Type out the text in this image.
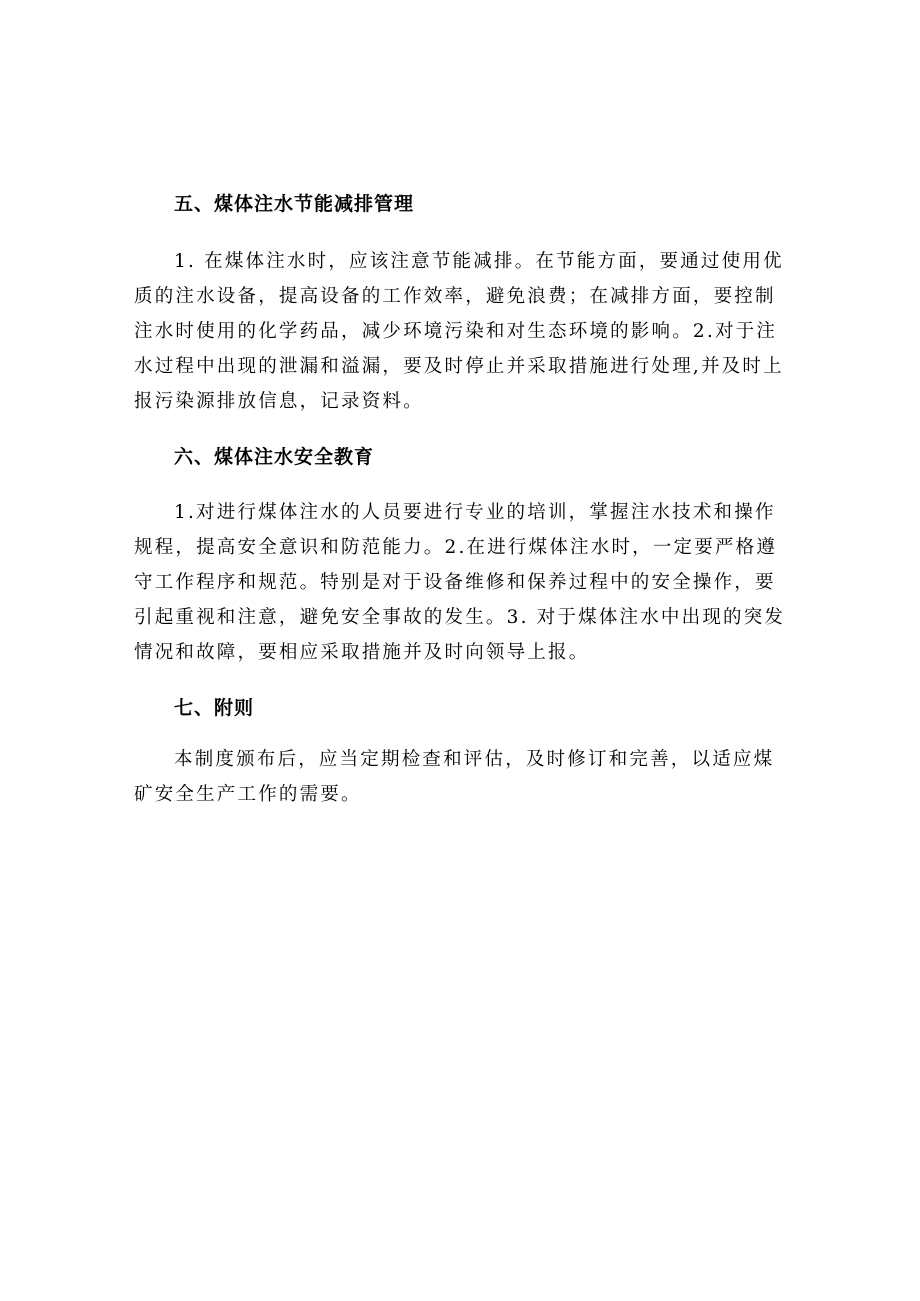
五、煤体注水节能减排管理

1. 在煤体注水时，应该注意节能减排。在节能方面，要通过使用优质的注水设备，提高设备的工作效率，避免浪费；在减排方面，要控制注水时使用的化学药品，减少环境污染和对生态环境的影响。2.对于注水过程中出现的泄漏和溢漏，要及时停止并采取措施进行处理,并及时上报污染源排放信息，记录资料。

六、煤体注水安全教育

1.对进行煤体注水的人员要进行专业的培训，掌握注水技术和操作规程，提高安全意识和防范能力。2.在进行煤体注水时，一定要严格遵守工作程序和规范。特别是对于设备维修和保养过程中的安全操作，要引起重视和注意，避免安全事故的发生。3. 对于煤体注水中出现的突发情况和故障，要相应采取措施并及时向领导上报。

七、附则

本制度颁布后，应当定期检查和评估，及时修订和完善，以适应煤矿安全生产工作的需要。
